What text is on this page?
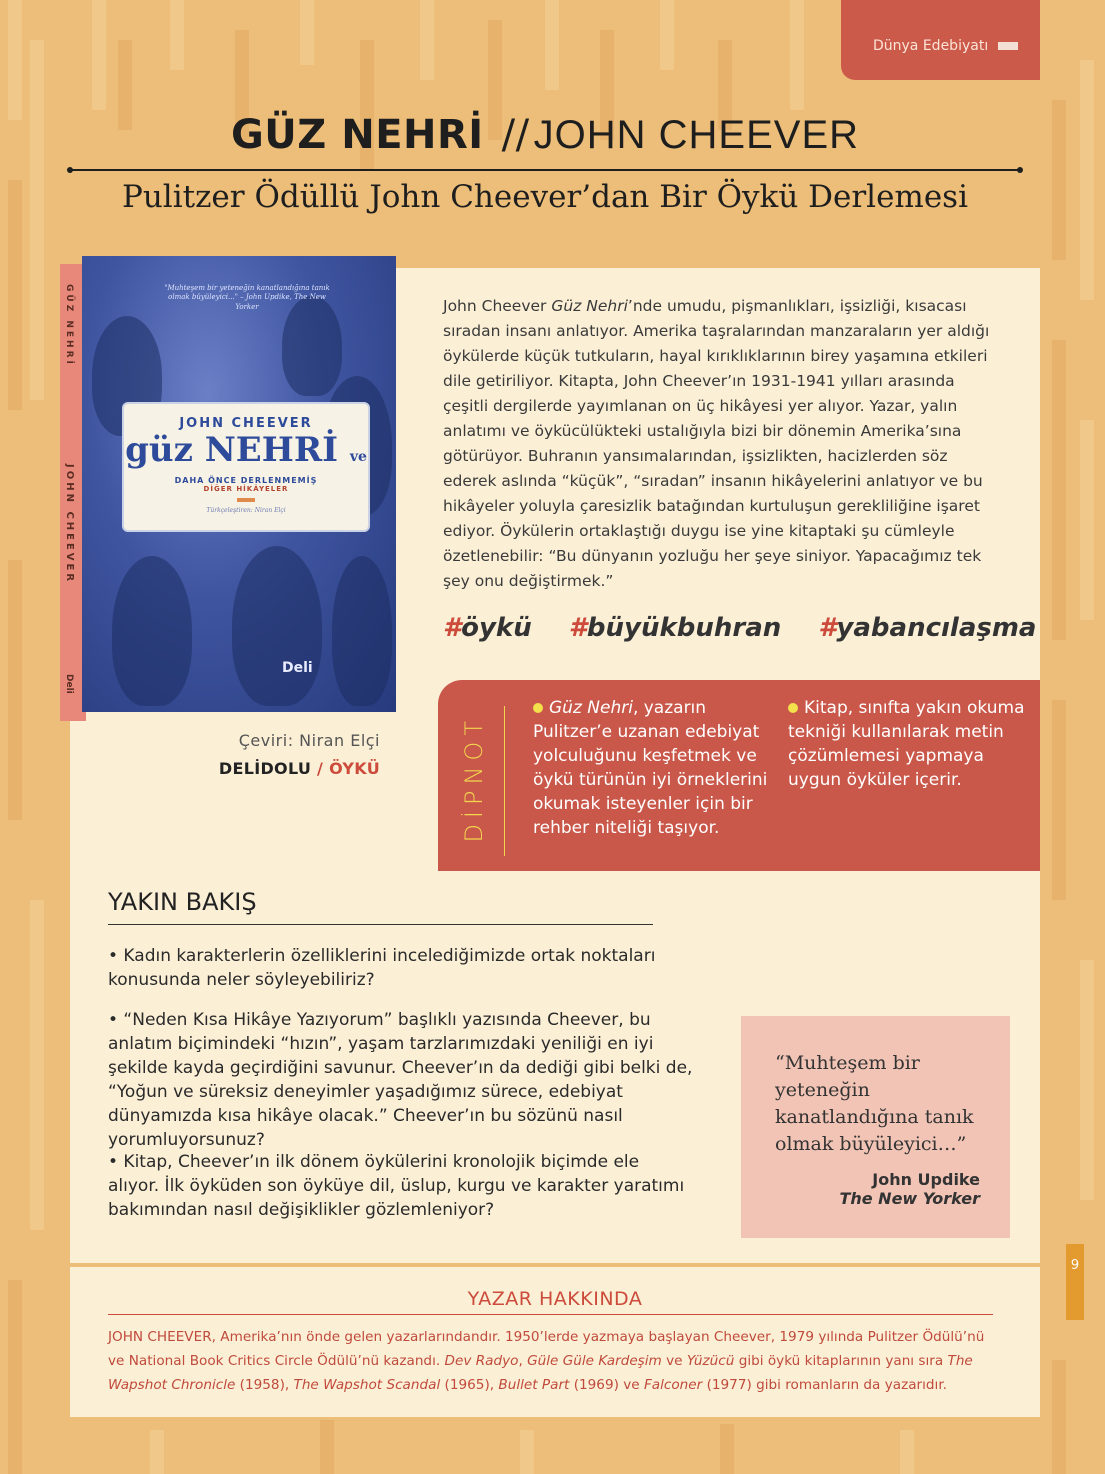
Dünya Edebiyatı
GÜZ NEHRİ // JOHN CHEEVER
Pulitzer Ödüllü John Cheever’dan Bir Öykü Derlemesi
GÜZ NEHRİ
JOHN CHEEVER
Deli
"Muhteşem bir yeteneğin kanatlandığına tanık olmak büyüleyici..." – John Updike, The New Yorker
JOHN CHEEVER
güz NEHRİ ve
DAHA ÖNCE DERLENMEMİŞ
DİĞER HİKÂYELER
Türkçeleştiren: Niran Elçi
Deli
Çeviri: Niran Elçi
DELİDOLU / ÖYKÜ
John Cheever Güz Nehri’nde umudu, pişmanlıkları, işsizliği, kısacası sıradan insanı anlatıyor. Amerika taşralarından manzaraların yer aldığı öykülerde küçük tutkuların, hayal kırıklıklarının birey yaşamına etkileri dile getiriliyor. Kitapta, John Cheever’ın 1931-1941 yılları arasında çeşitli dergilerde yayımlanan on üç hikâyesi yer alıyor. Yazar, yalın anlatımı ve öykücülükteki ustalığıyla bizi bir dönemin Amerika’sına götürüyor. Buhranın yansımalarından, işsizlikten, hacizlerden söz ederek aslında “küçük”, “sıradan” insanın hikâyelerini anlatıyor ve bu hikâyeler yoluyla çaresizlik batağından kurtuluşun gerekliliğine işaret ediyor. Öykülerin ortaklaştığı duygu ise yine kitaptaki şu cümleyle özetlenebilir: “Bu dünyanın yozluğu her şeye siniyor. Yapacağımız tek şey onu değiştirmek.”
#öykü #büyükbuhran #yabancılaşma
DİPNOT
Güz Nehri, yazarın Pulitzer’e uzanan edebiyat yolculuğunu keşfetmek ve öykü türünün iyi örneklerini okumak isteyenler için bir rehber niteliği taşıyor.
Kitap, sınıfta yakın okuma tekniği kullanılarak metin çözümlemesi yapmaya uygun öyküler içerir.
YAKIN BAKIŞ
• Kadın karakterlerin özelliklerini incelediğimizde ortak noktaları konusunda neler söyleyebiliriz?
• “Neden Kısa Hikâye Yazıyorum” başlıklı yazısında Cheever, bu anlatım biçimindeki “hızın”, yaşam tarzlarımızdaki yeniliği en iyi şekilde kayda geçirdiğini savunur. Cheever’ın da dediği gibi belki de, “Yoğun ve süreksiz deneyimler yaşadığımız sürece, edebiyat dünyamızda kısa hikâye olacak.” Cheever’ın bu sözünü nasıl yorumluyorsunuz?
• Kitap, Cheever’ın ilk dönem öykülerini kronolojik biçimde ele alıyor. İlk öyküden son öyküye dil, üslup, kurgu ve karakter yaratımı bakımından nasıl değişiklikler gözlemleniyor?
“Muhteşem bir yeteneğin kanatlandığına tanık olmak büyüleyici…”
John Updike
The New Yorker
9
YAZAR HAKKINDA
JOHN CHEEVER, Amerika’nın önde gelen yazarlarındandır. 1950’lerde yazmaya başlayan Cheever, 1979 yılında Pulitzer Ödülü’nü ve National Book Critics Circle Ödülü’nü kazandı. Dev Radyo, Güle Güle Kardeşim ve Yüzücü gibi öykü kitaplarının yanı sıra The Wapshot Chronicle (1958), The Wapshot Scandal (1965), Bullet Part (1969) ve Falconer (1977) gibi romanların da yazarıdır.
